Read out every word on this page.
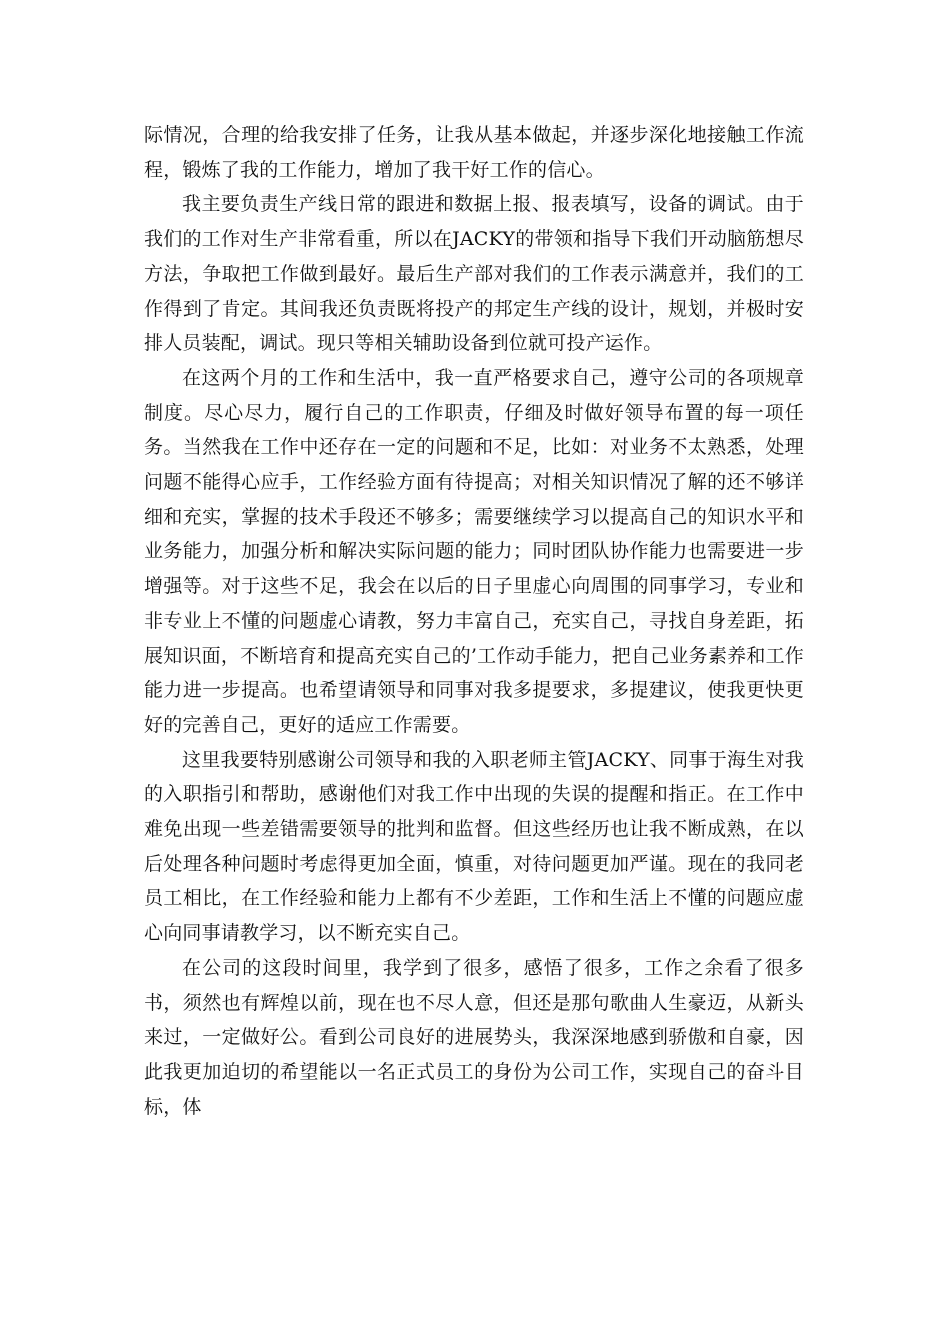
际情况，合理的给我安排了任务，让我从基本做起，并逐步深化地接触工作流程，锻炼了我的工作能力，增加了我干好工作的信心。

我主要负责生产线日常的跟进和数据上报、报表填写，设备的调试。由于我们的工作对生产非常看重，所以在JACKY的带领和指导下我们开动脑筋想尽方法，争取把工作做到最好。最后生产部对我们的工作表示满意并，我们的工作得到了肯定。其间我还负责既将投产的邦定生产线的设计，规划，并极时安排人员装配，调试。现只等相关辅助设备到位就可投产运作。

在这两个月的工作和生活中，我一直严格要求自己，遵守公司的各项规章制度。尽心尽力，履行自己的工作职责，仔细及时做好领导布置的每一项任务。当然我在工作中还存在一定的问题和不足，比如：对业务不太熟悉，处理问题不能得心应手，工作经验方面有待提高；对相关知识情况了解的还不够详细和充实，掌握的技术手段还不够多；需要继续学习以提高自己的知识水平和业务能力，加强分析和解决实际问题的能力；同时团队协作能力也需要进一步增强等。对于这些不足，我会在以后的日子里虚心向周围的同事学习，专业和非专业上不懂的问题虚心请教，努力丰富自己，充实自己，寻找自身差距，拓展知识面，不断培育和提高充实自己的’工作动手能力，把自己业务素养和工作能力进一步提高。也希望请领导和同事对我多提要求，多提建议，使我更快更好的完善自己，更好的适应工作需要。

这里我要特别感谢公司领导和我的入职老师主管JACKY、同事于海生对我的入职指引和帮助，感谢他们对我工作中出现的失误的提醒和指正。在工作中难免出现一些差错需要领导的批判和监督。但这些经历也让我不断成熟，在以后处理各种问题时考虑得更加全面，慎重，对待问题更加严谨。现在的我同老员工相比，在工作经验和能力上都有不少差距，工作和生活上不懂的问题应虚心向同事请教学习，以不断充实自己。

在公司的这段时间里，我学到了很多，感悟了很多，工作之余看了很多书，须然也有辉煌以前，现在也不尽人意，但还是那句歌曲人生豪迈，从新头来过，一定做好公。看到公司良好的进展势头，我深深地感到骄傲和自豪，因此我更加迫切的希望能以一名正式员工的身份为公司工作，实现自己的奋斗目标，体
